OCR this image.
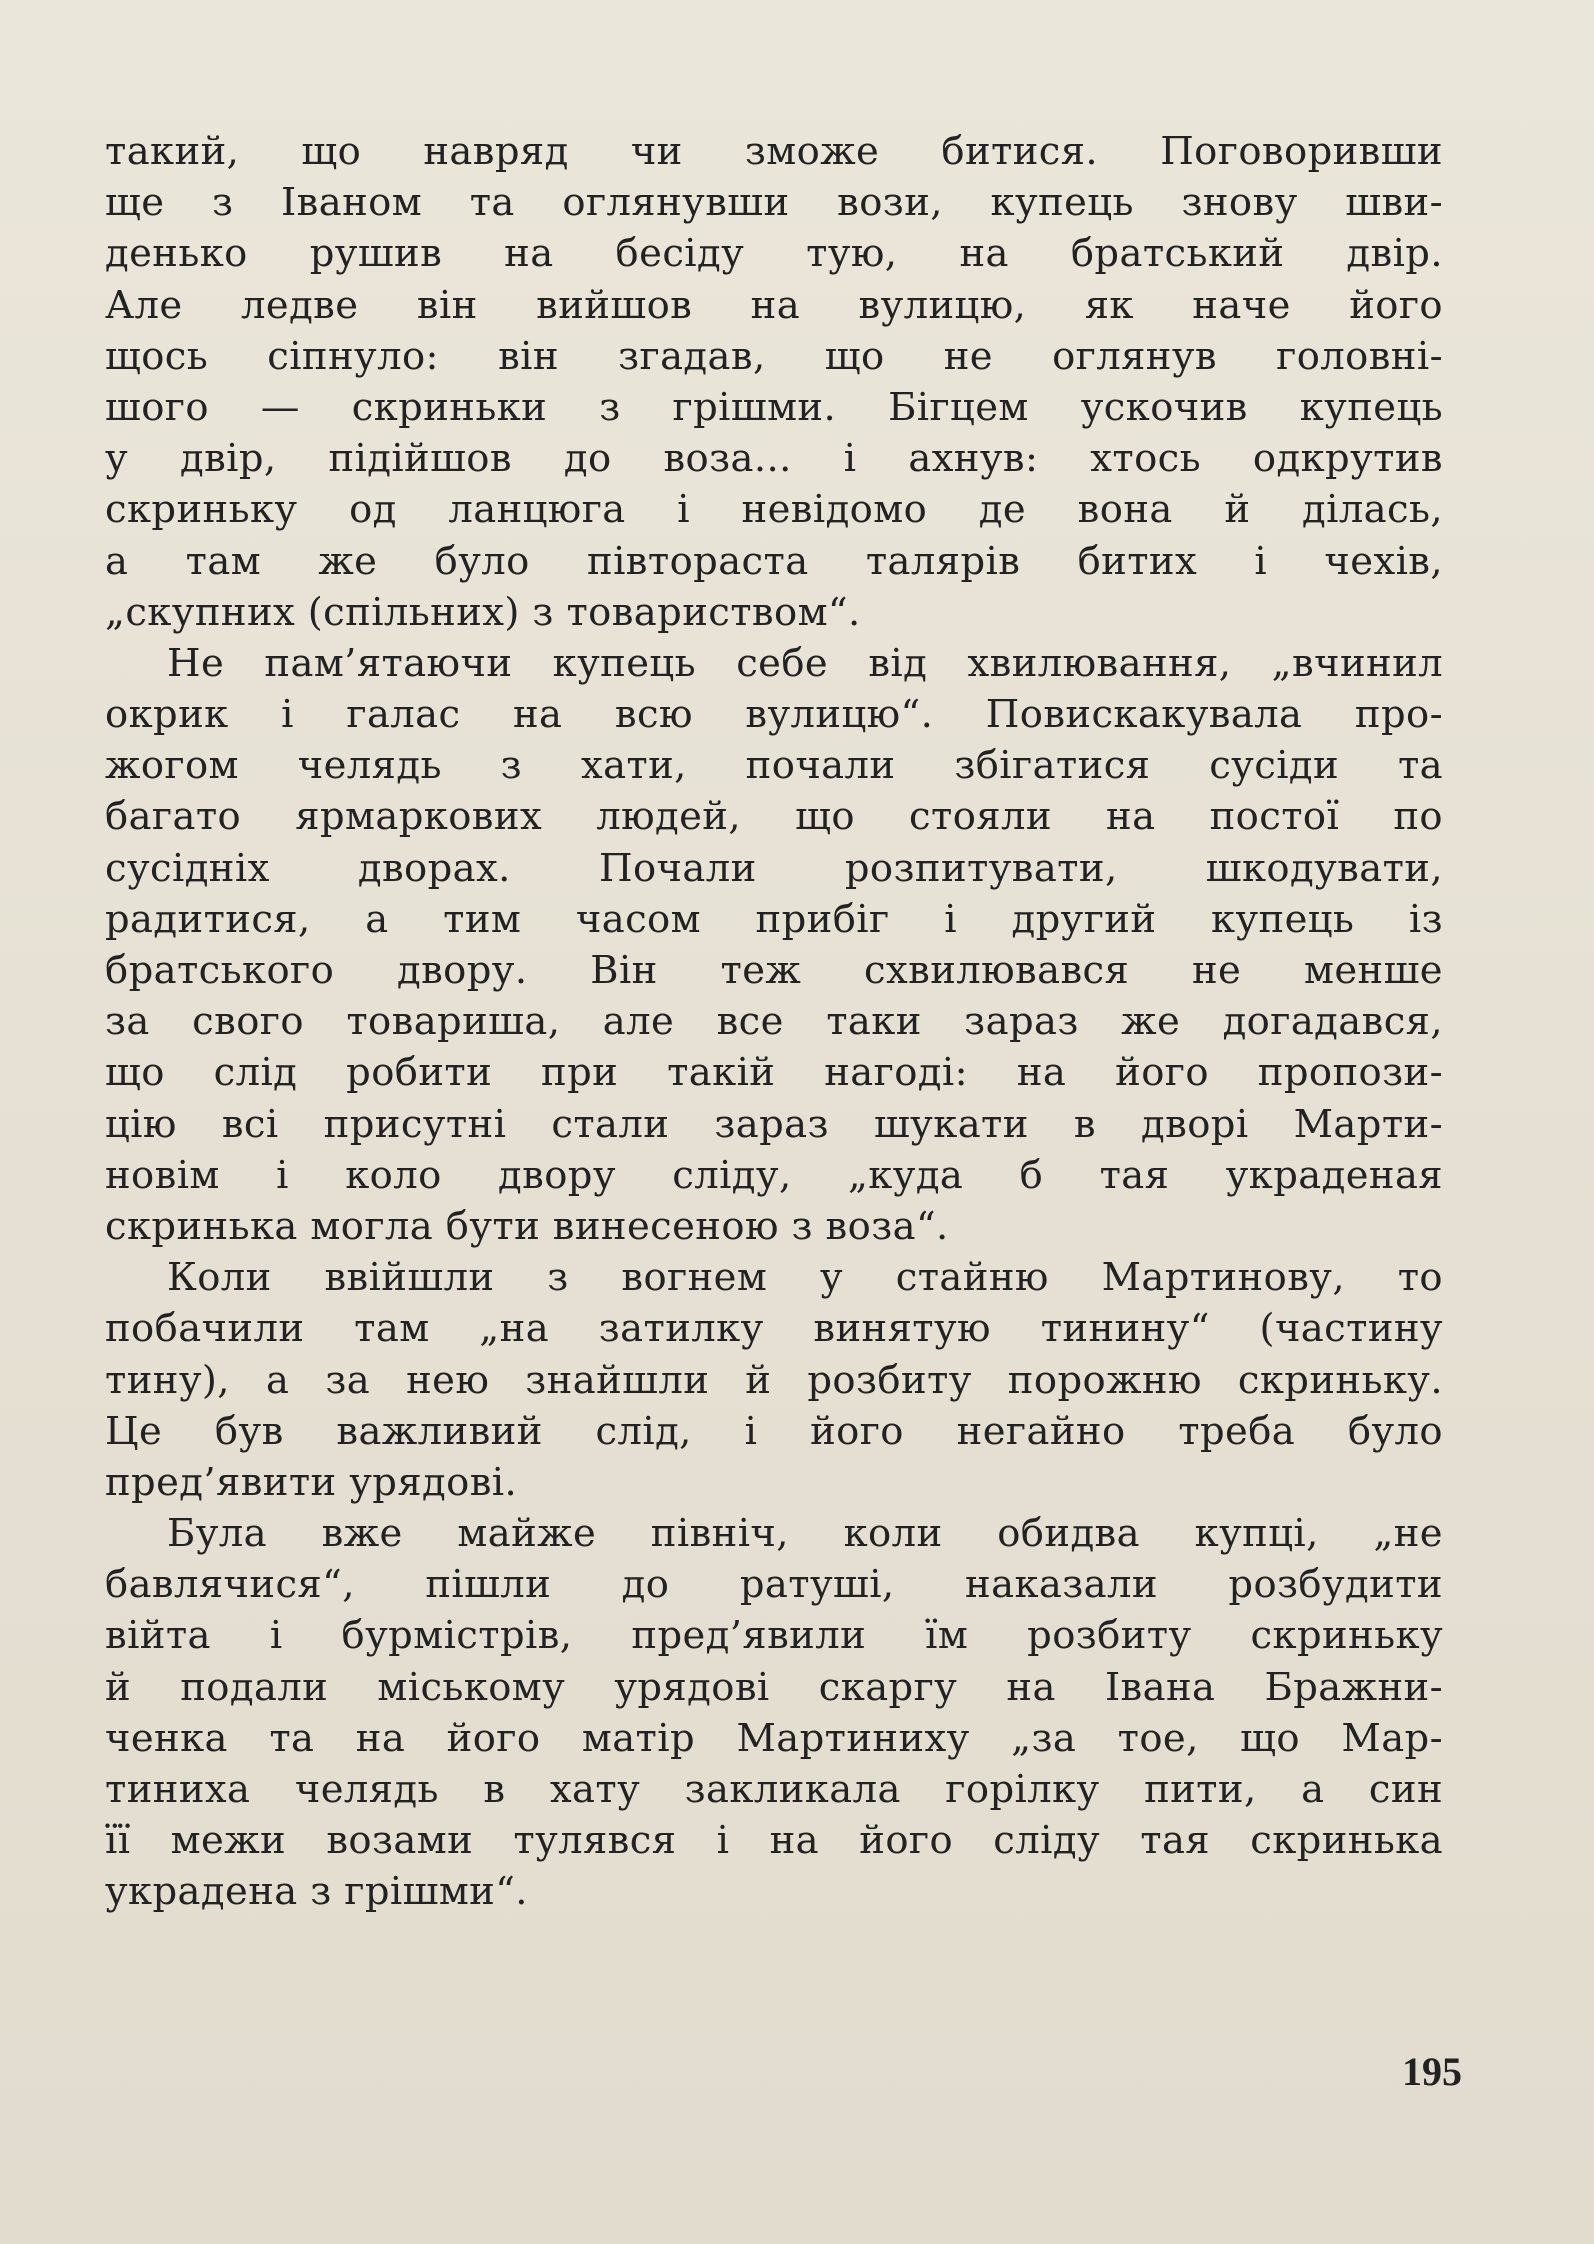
такий, що навряд чи зможе битися. Поговоривши
ще з Іваном та оглянувши вози, купець знову шви-
денько рушив на бесіду тую, на братський двір.
Але ледве він вийшов на вулицю, як наче його
щось сіпнуло: він згадав, що не оглянув головні-
шого — скриньки з грішми. Бігцем ускочив купець
у двір, підійшов до воза... і ахнув: хтось одкрутив
скриньку од ланцюга і невідомо де вона й ділась,
а там же було півтораста талярів битих і чехів,
„скупних (спільних) з товариством“.
Не пам’ятаючи купець себе від хвилювання, „вчинил
окрик і галас на всю вулицю“. Повискакувала про-
жогом челядь з хати, почали збігатися сусіди та
багато ярмаркових людей, що стояли на постої по
сусідніх дворах. Почали розпитувати, шкодувати,
радитися, а тим часом прибіг і другий купець із
братського двору. Він теж схвилювався не менше
за свого товариша, але все таки зараз же догадався,
що слід робити при такій нагоді: на його пропози-
цію всі присутні стали зараз шукати в дворі Марти-
новім і коло двору сліду, „куда б тая украденая
скринька могла бути винесеною з воза“.
Коли ввійшли з вогнем у стайню Мартинову, то
побачили там „на затилку винятую тинину“ (частину
тину), а за нею знайшли й розбиту порожню скриньку.
Це був важливий слід, і його негайно треба було
пред’явити урядові.
Була вже майже північ, коли обидва купці, „не
бавлячися“, пішли до ратуші, наказали розбудити
війта і бурмістрів, пред’явили їм розбиту скриньку
й подали міському урядові скаргу на Івана Бражни-
ченка та на його матір Мартиниху „за тое, що Мар-
тиниха челядь в хату закликала горілку пити, а син
її межи возами тулявся і на його сліду тая скринька
украдена з грішми“.
195
